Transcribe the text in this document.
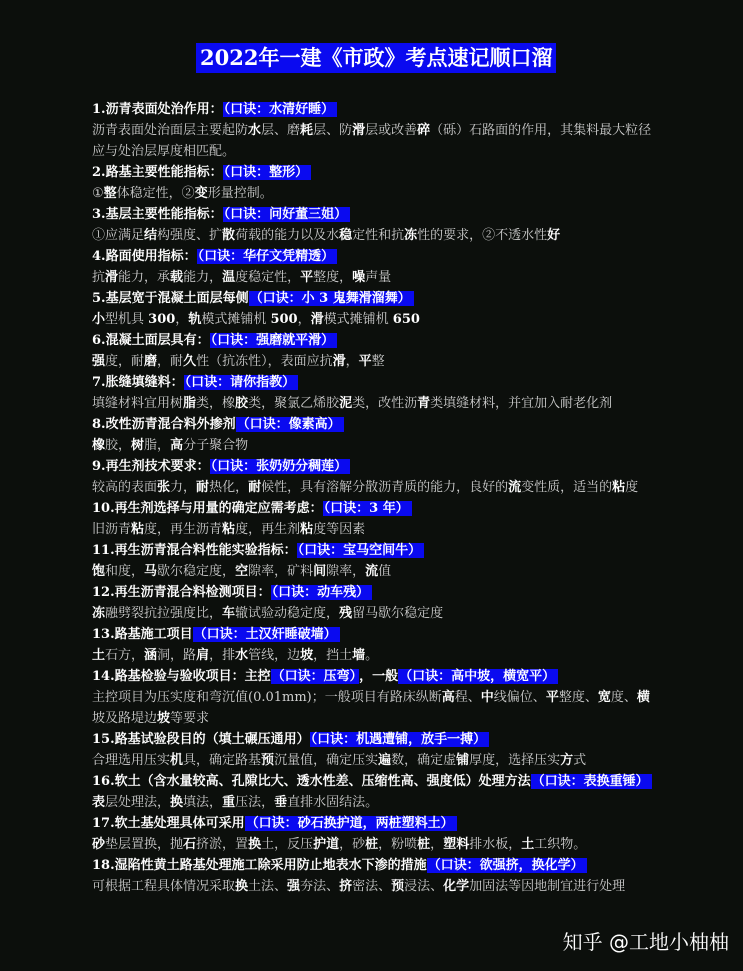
2022年一建《市政》考点速记顺口溜
1.沥青表面处治作用：（口诀：水清好睡）

沥青表面处治面层主要起防水层、磨耗层、防滑层或改善碎（砾）石路面的作用，其集料最大粒径应与处治层厚度相匹配。

2.路基主要性能指标：（口诀：整形）

①整体稳定性，②变形量控制。

3.基层主要性能指标：（口诀：问好董三姐）

①应满足结构强度、扩散荷载的能力以及水稳定性和抗冻性的要求，②不透水性好

4.路面使用指标：（口诀：华仔文凭精透）

抗滑能力，承载能力，温度稳定性，平整度，噪声量

5.基层宽于混凝土面层每侧（口诀：小 3 鬼舞滑溜舞）

小型机具 300，轨模式摊铺机 500，滑模式摊铺机 650

6.混凝土面层具有：（口诀：强磨就平滑）

强度，耐磨，耐久性（抗冻性），表面应抗滑，平整

7.胀缝填缝料：（口诀：请你指教）

填缝材料宜用树脂类，橡胶类，聚氯乙烯胶泥类，改性沥青类填缝材料，并宜加入耐老化剂

8.改性沥青混合料外掺剂（口诀：像素高）

橡胶，树脂，高分子聚合物

9.再生剂技术要求：（口诀：张奶奶分稠莲）

较高的表面张力，耐热化，耐候性，具有溶解分散沥青质的能力，良好的流变性质，适当的粘度

10.再生剂选择与用量的确定应需考虑：（口诀：3 年）

旧沥青粘度，再生沥青粘度，再生剂粘度等因素

11.再生沥青混合料性能实验指标：（口诀：宝马空间牛）

饱和度，马歇尔稳定度，空隙率，矿料间隙率，流值

12.再生沥青混合料检测项目：（口诀：动车残）

冻融劈裂抗拉强度比，车辙试验动稳定度，残留马歇尔稳定度

13.路基施工项目（口诀：土汉奸睡破墙）

土石方，涵洞，路肩，排水管线，边坡，挡土墙。

14.路基检验与验收项目：主控（口诀：压弯） ，一般（口诀：高中坡，横宽平）

主控项目为压实度和弯沉值(0.01mm)；一般项目有路床纵断高程、中线偏位、平整度、宽度、横坡及路堤边坡等要求

15.路基试验段目的（填土碾压通用）（口诀：机遇遭铺，放手一搏）

合理选用压实机具，确定路基预沉量值，确定压实遍数，确定虚铺厚度，选择压实方式

16.软土（含水量较高、孔隙比大、透水性差、压缩性高、强度低）处理方法（口诀：表换重锤）

表层处理法，换填法，重压法，垂直排水固结法。

17.软土基处理具体可采用（口诀：砂石换护道，两桩塑料土）

砂垫层置换，抛石挤淤，置换土，反压护道，砂桩，粉喷桩，塑料排水板，土工织物。

18.湿陷性黄土路基处理施工除采用防止地表水下渗的措施（口诀：欲强挤，换化学）

可根据工程具体情况采取换土法、强夯法、挤密法、预浸法、化学加固法等因地制宜进行处理

知乎 @工地小柚柚
